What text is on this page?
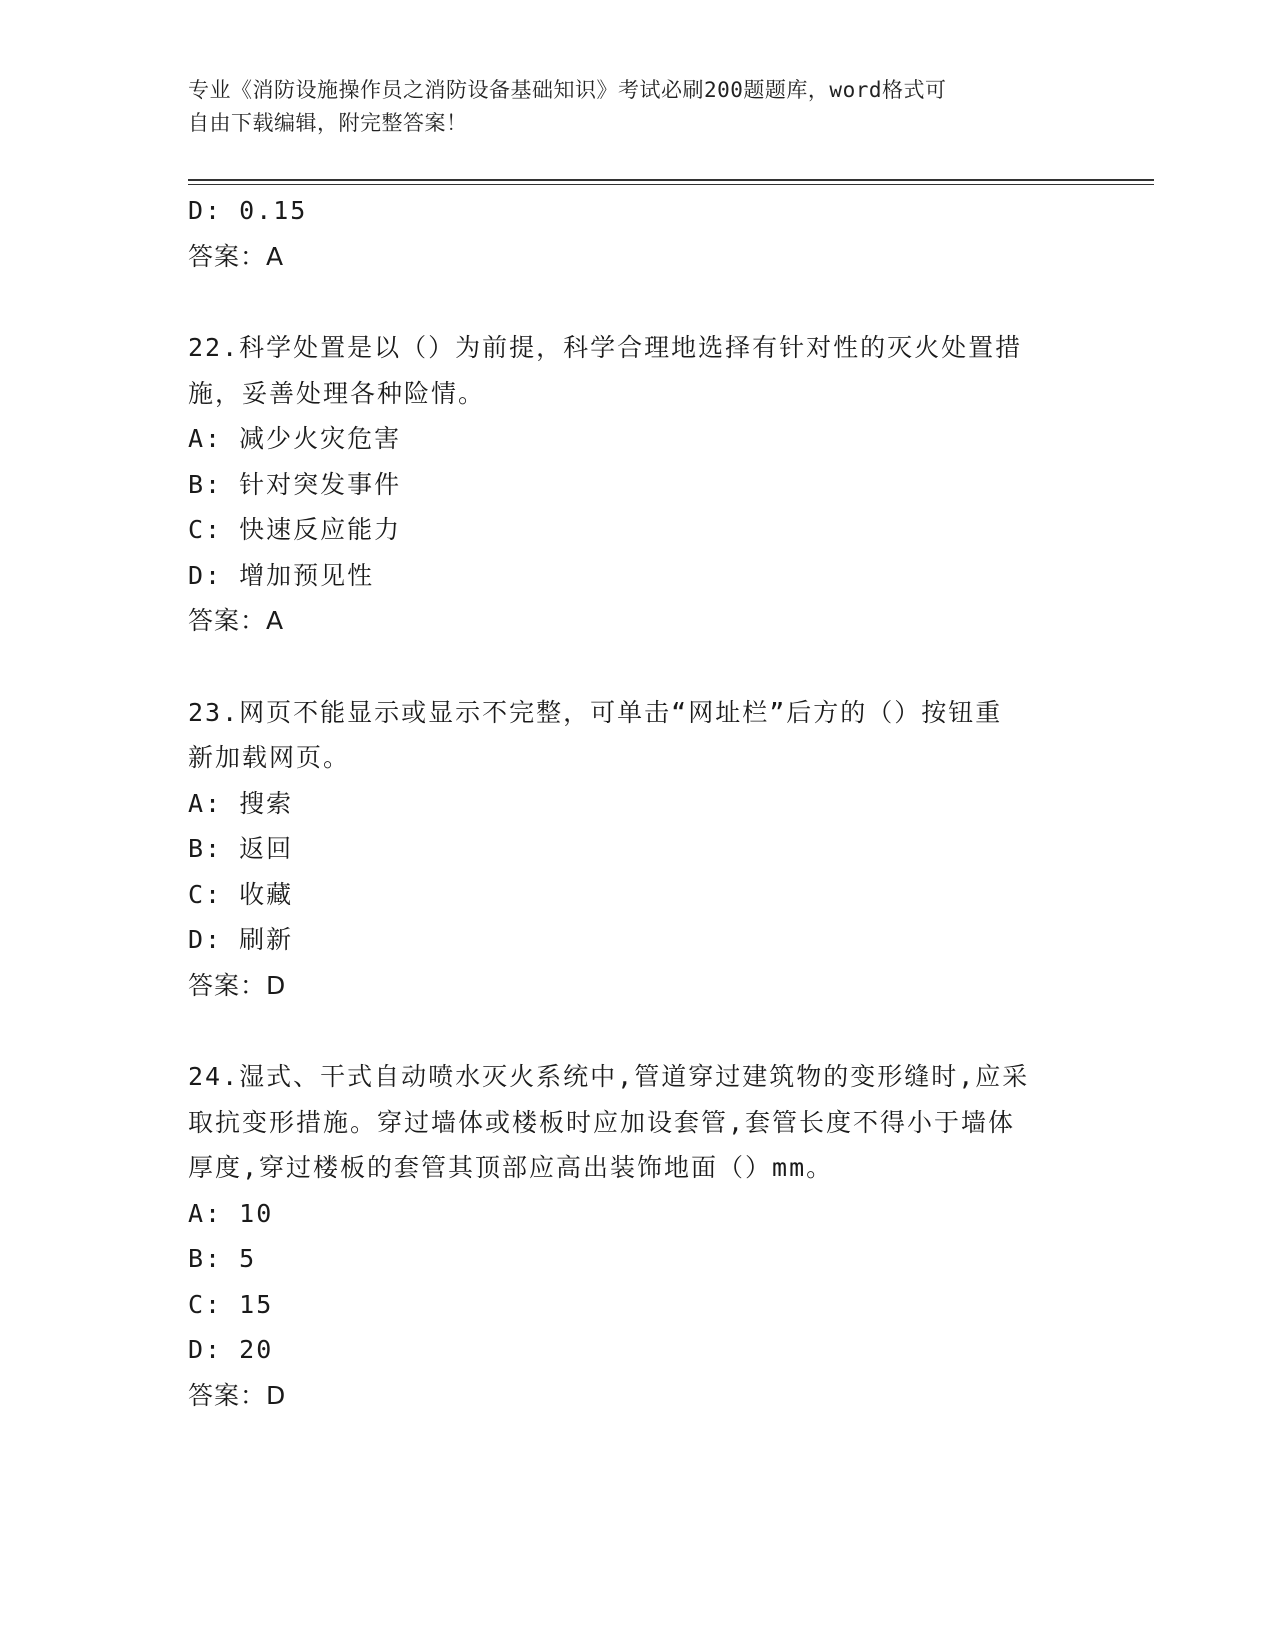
专业《消防设施操作员之消防设备基础知识》考试必刷200题题库，word格式可
自由下载编辑，附完整答案！

D: 0.15

答案：A

22.科学处置是以（）为前提，科学合理地选择有针对性的灭火处置措

施，妥善处理各种险情。

A: 减少火灾危害

B: 针对突发事件

C: 快速反应能力

D: 增加预见性

答案：A

23.网页不能显示或显示不完整，可单击“网址栏”后方的（）按钮重

新加载网页。

A: 搜索

B: 返回

C: 收藏

D: 刷新

答案：D

24.湿式、干式自动喷水灭火系统中,管道穿过建筑物的变形缝时,应采

取抗变形措施。穿过墙体或楼板时应加设套管,套管长度不得小于墙体

厚度,穿过楼板的套管其顶部应高出装饰地面（）mm。

A: 10

B: 5

C: 15

D: 20

答案：D
